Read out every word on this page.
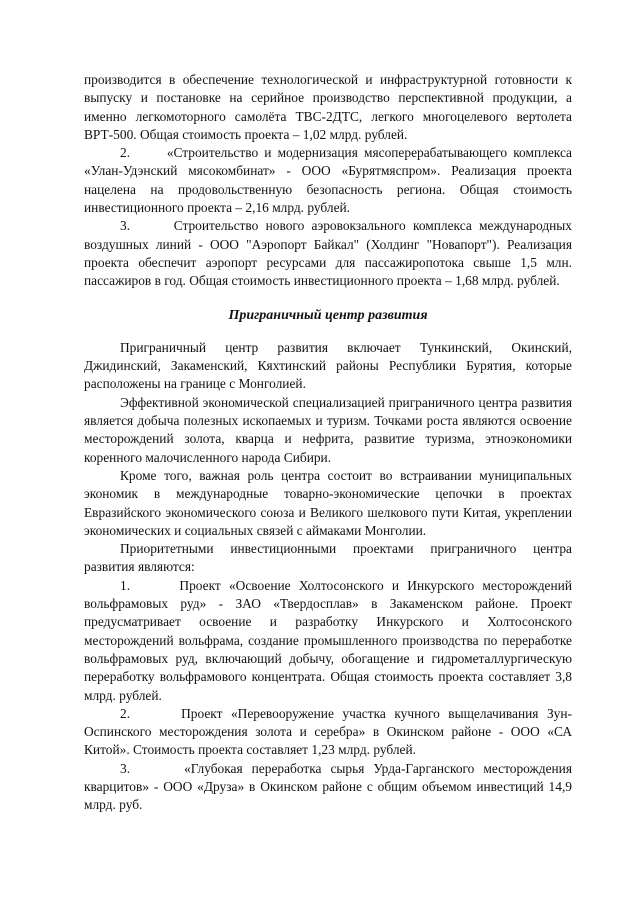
производится в обеспечение технологической и инфраструктурной готовности к выпуску и постановке на серийное производство перспективной продукции, а именно легкомоторного самолёта ТВС-2ДТС, легкого многоцелевого вертолета ВРТ-500. Общая стоимость проекта – 1,02 млрд. рублей.

2.      «Строительство и модернизация мясоперерабатывающего комплекса «Улан-Удэнский мясокомбинат» - ООО «Бурятмяспром». Реализация проекта нацелена на продовольственную безопасность региона. Общая стоимость инвестиционного проекта – 2,16 млрд. рублей.

3.      Строительство нового аэровокзального комплекса международных воздушных линий - ООО "Аэропорт Байкал" (Холдинг "Новапорт"). Реализация проекта обеспечит аэропорт ресурсами для пассажиропотока свыше 1,5 млн. пассажиров в год. Общая стоимость инвестиционного проекта – 1,68 млрд. рублей.

Приграничный центр развития

Приграничный центр развития включает Тункинский, Окинский, Джидинский, Закаменский, Кяхтинский районы Республики Бурятия, которые расположены на границе с Монголией.

Эффективной экономической специализацией приграничного центра развития является добыча полезных ископаемых и туризм. Точками роста являются освоение месторождений золота, кварца и нефрита, развитие туризма, этноэкономики коренного малочисленного народа Сибири.

Кроме того, важная роль центра состоит во встраивании муниципальных экономик в международные товарно-экономические цепочки в проектах Евразийского экономического союза и Великого шелкового пути Китая, укреплении экономических и социальных связей с аймаками Монголии.

Приоритетными инвестиционными проектами приграничного центра развития являются:

1.      Проект «Освоение Холтосонского и Инкурского месторождений вольфрамовых руд» - ЗАО «Твердосплав» в Закаменском районе. Проект предусматривает освоение и разработку Инкурского и Холтосонского месторождений вольфрама, создание промышленного производства по переработке вольфрамовых руд, включающий добычу, обогащение и гидрометаллургическую переработку вольфрамового концентрата. Общая стоимость проекта составляет 3,8 млрд. рублей.

2.      Проект «Перевооружение участка кучного выщелачивания Зун-Оспинского месторождения золота и серебра» в Окинском районе - ООО «СА Китой». Стоимость проекта составляет 1,23 млрд. рублей.

3.      «Глубокая переработка сырья Урда-Гарганского месторождения кварцитов» - ООО «Друза» в Окинском районе с общим объемом инвестиций 14,9 млрд. руб.
